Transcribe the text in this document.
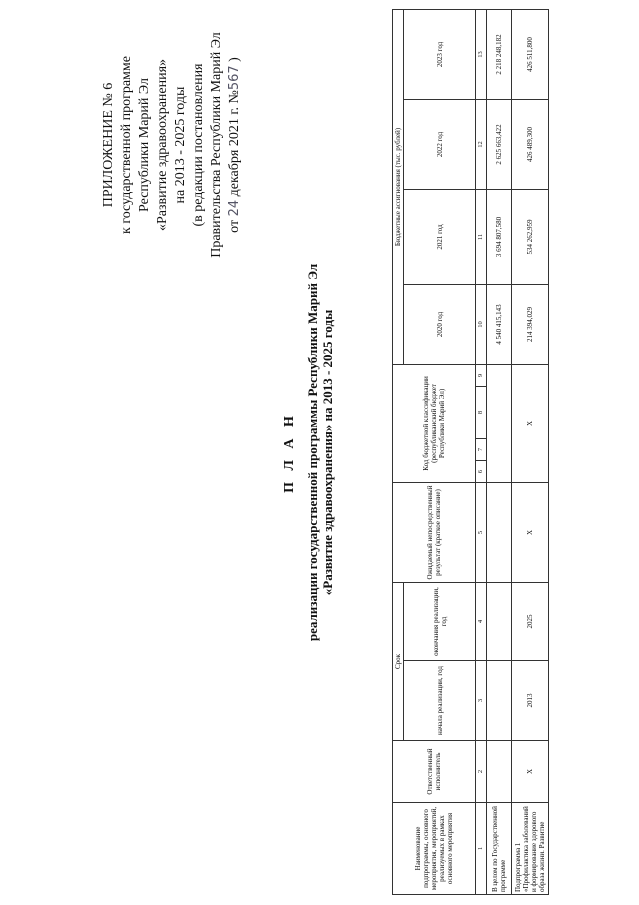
ПРИЛОЖЕНИЕ № 6 к государственной программе Республики Марий Эл «Развитие здравоохранения» на 2013 - 2025 годы (в редакции постановления Правительства Республики Марий Эл от 24 декабря 2021 г. №567 )
П Л А Н реализации государственной программы Республики Марий Эл «Развитие здравоохранения» на 2013 - 2025 годы
Наименование подпрограммы, основного мероприятия, мероприятий, реализуемых в рамках основного мероприятия	Ответственный исполнитель	Срок		Ожидаемый непосредственный результат (краткое описание)	Код бюджетной классификации (республиканский бюджет Республики Марий Эл)				Бюджетные ассигнования (тыс. рублей)			
		начала реализации, год	окончания реализации, год						2020 год	2021 год	2022 год	2023 год
1	2	3	4	5	6	7	8	9	10	11	12	13
В целом по Государственной программе									4 540 415,143	3 694 807,580	2 625 663,422	2 218 248,182
Подпрограмма 1 «Профилактика заболеваний и формирование здорового образа жизни. Развитие	X	2013	2025	X	X				214 394,029	534 262,959	426 489,300	426 511,800
